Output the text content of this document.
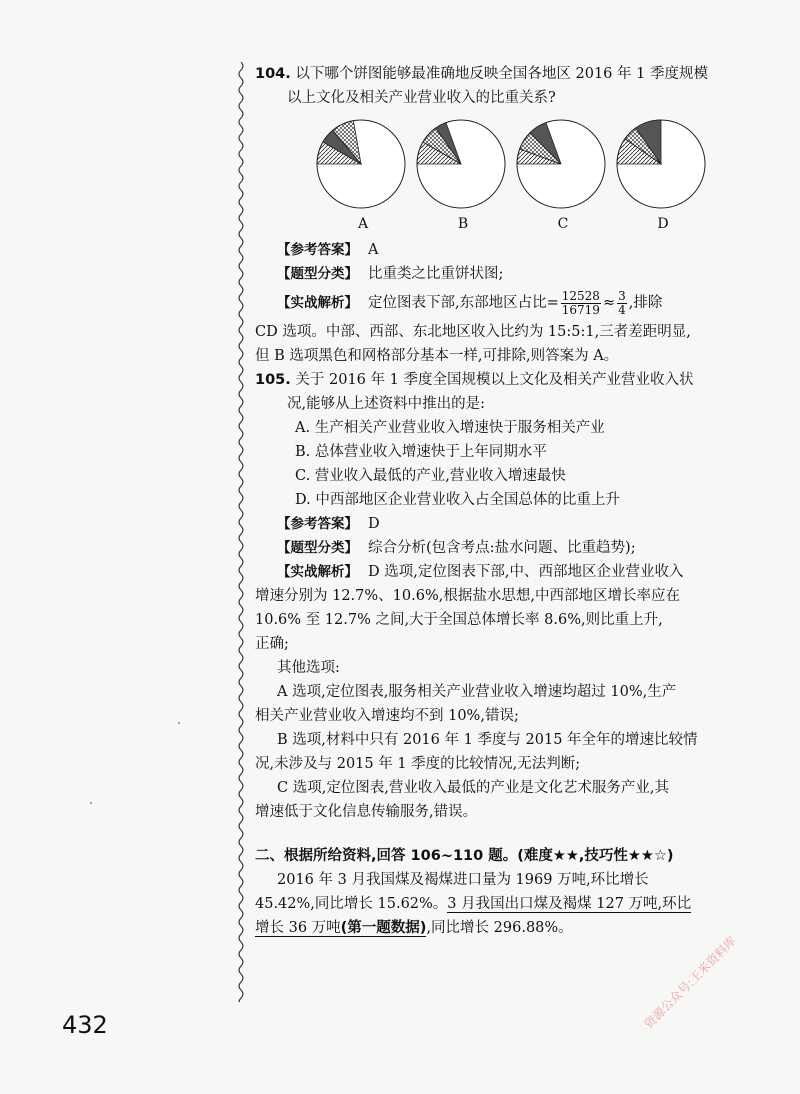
104. 以下哪个饼图能够最准确地反映全国各地区 2016 年 1 季度规模
以上文化及相关产业营业收入的比重关系?
A	B	C	D
【参考答案】 A
【题型分类】 比重类之比重饼状图;
【实战解析】 定位图表下部,东部地区占比= $\frac{12528}{16719} \approx \frac{3}{4}$ ,排除
CD 选项。中部、西部、东北地区收入比约为 15:5:1,三者差距明显,
但 B 选项黑色和网格部分基本一样,可排除,则答案为 A。
105. 关于 2016 年 1 季度全国规模以上文化及相关产业营业收入状
况,能够从上述资料中推出的是:
A. 生产相关产业营业收入增速快于服务相关产业
B. 总体营业收入增速快于上年同期水平
C. 营业收入最低的产业,营业收入增速最快
D. 中西部地区企业营业收入占全国总体的比重上升
【参考答案】 D
【题型分类】 综合分析(包含考点:盐水问题、比重趋势);
【实战解析】 D 选项,定位图表下部,中、西部地区企业营业收入
增速分别为 12.7%、10.6%,根据盐水思想,中西部地区增长率应在
10.6% 至 12.7% 之间,大于全国总体增长率 8.6%,则比重上升,
正确;
其他选项:
A 选项,定位图表,服务相关产业营业收入增速均超过 10%,生产
相关产业营业收入增速均不到 10%,错误;
B 选项,材料中只有 2016 年 1 季度与 2015 年全年的增速比较情
况,未涉及与 2015 年 1 季度的比较情况,无法判断;
C 选项,定位图表,营业收入最低的产业是文化艺术服务产业,其
增速低于文化信息传输服务,错误。
二、根据所给资料,回答 106~110 题。(难度★★,技巧性★★☆)
2016 年 3 月我国煤及褐煤进口量为 1969 万吨,环比增长
45.42%,同比增长 15.62%。3 月我国出口煤及褐煤 127 万吨,环比
增长 36 万吨(第一题数据),同比增长 296.88%。
432	资源公众号:王米资料库
